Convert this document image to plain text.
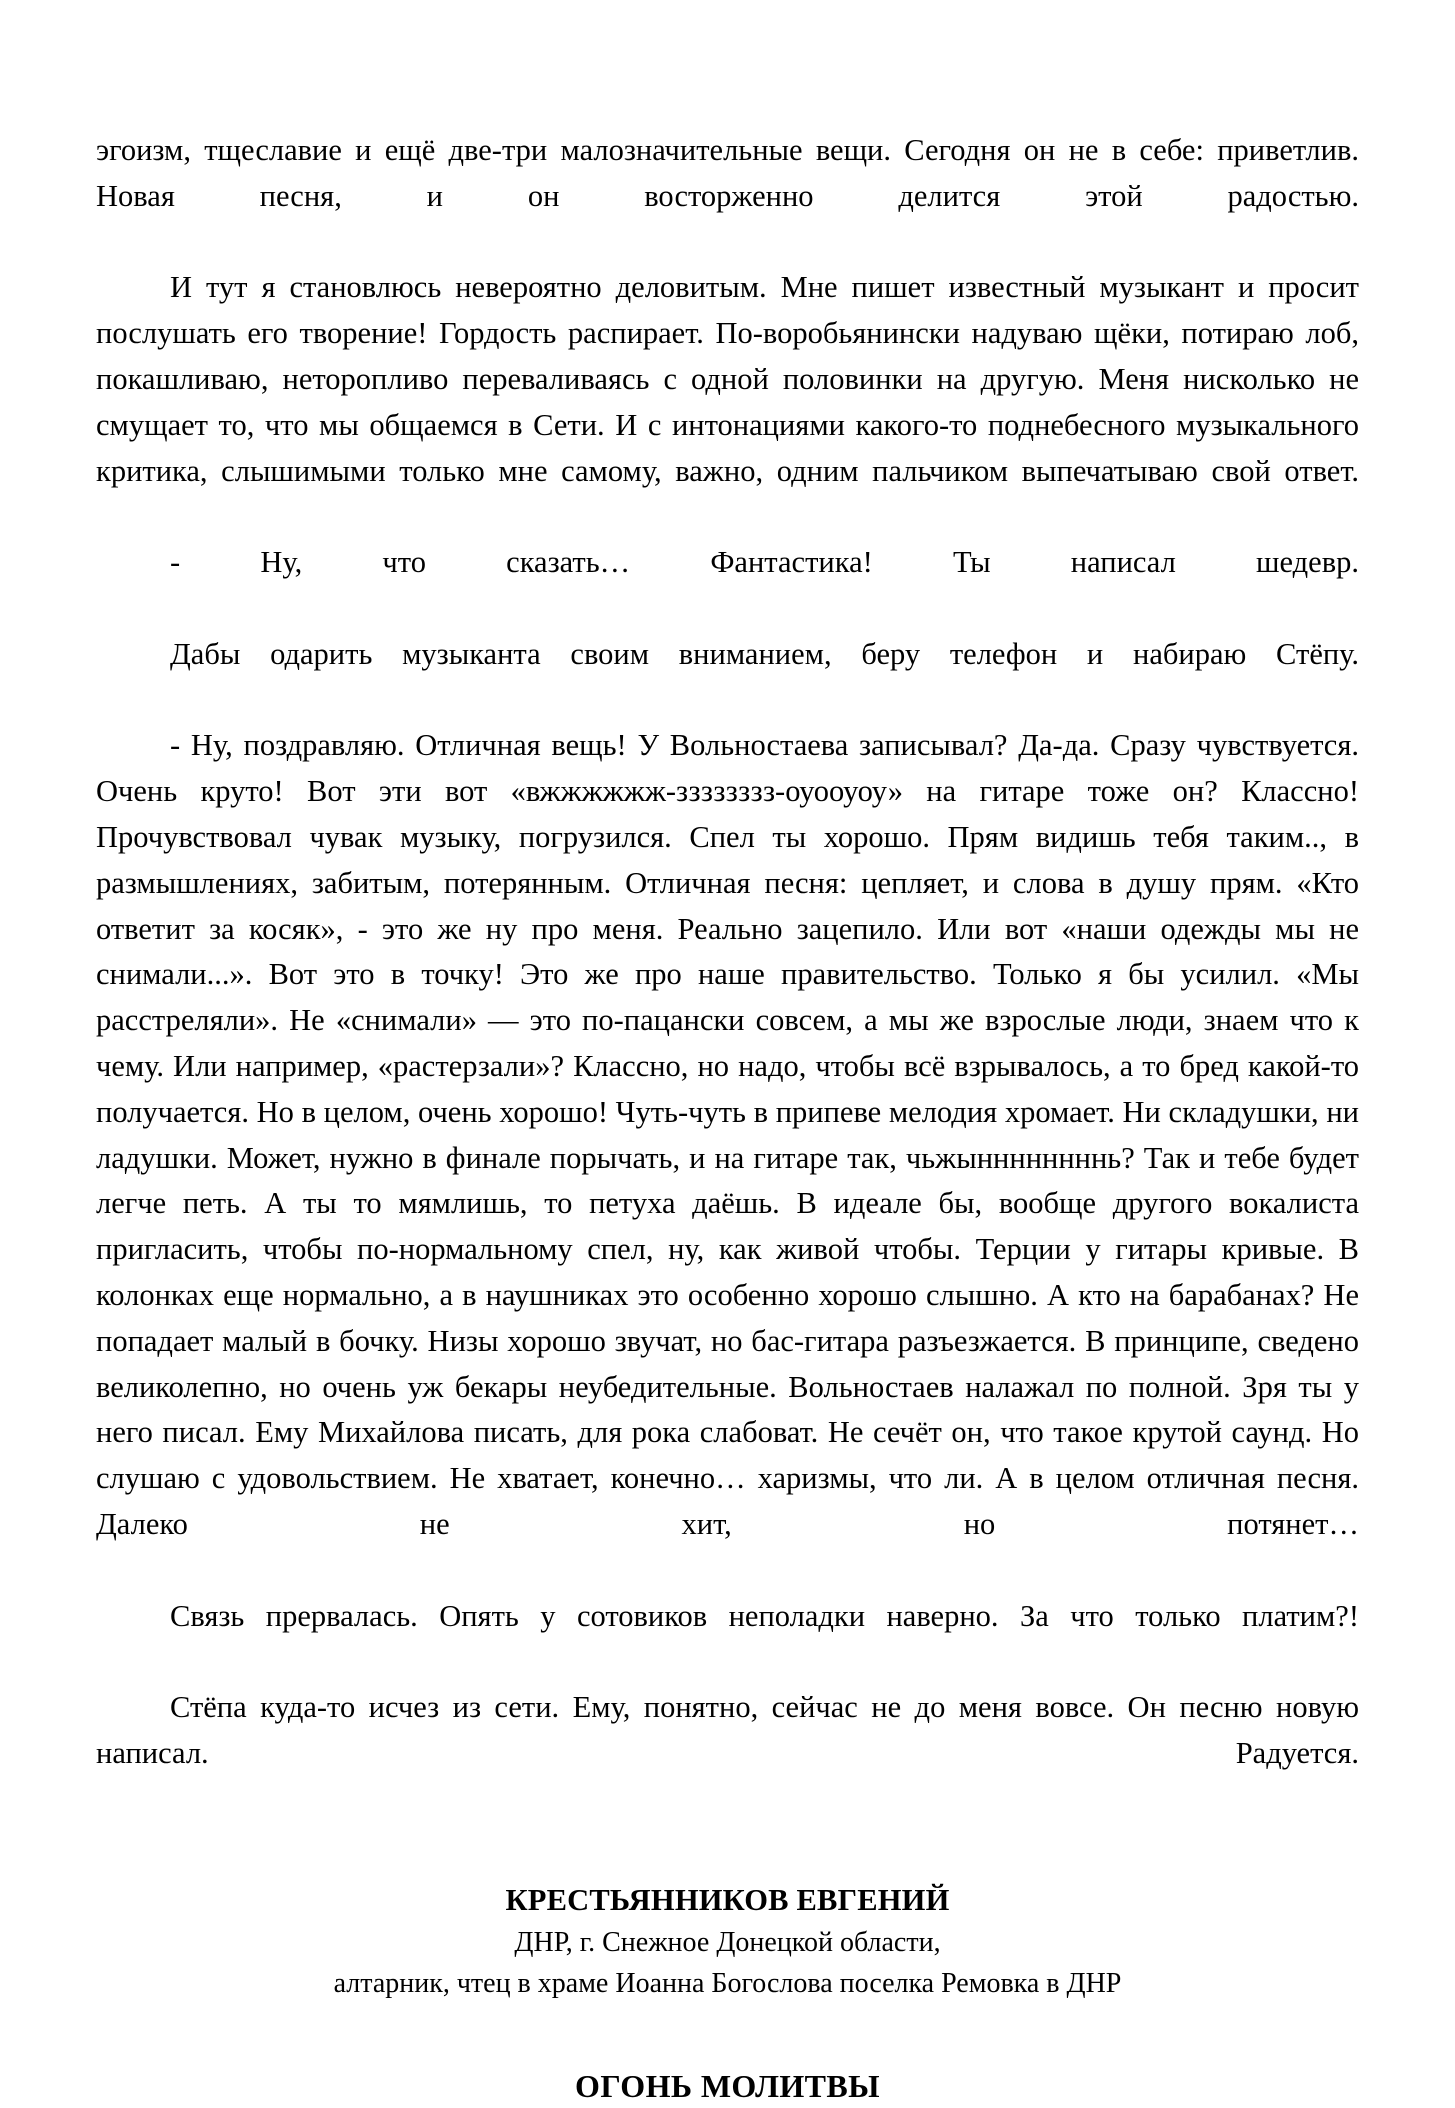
эгоизм, тщеславие и ещё две-три малозначительные вещи. Сегодня он не в себе: приветлив. Новая песня, и он восторженно делится этой радостью.

И тут я становлюсь невероятно деловитым. Мне пишет известный музыкант и просит послушать его творение! Гордость распирает. По-воробьянински надуваю щёки, потираю лоб, покашливаю, неторопливо переваливаясь с одной половинки на другую. Меня нисколько не смущает то, что мы общаемся в Сети. И с интонациями какого-то поднебесного музыкального критика, слышимыми только мне самому, важно, одним пальчиком выпечатываю свой ответ.

- Ну, что сказать… Фантастика! Ты написал шедевр.

Дабы одарить музыканта своим вниманием, беру телефон и набираю Стёпу.

- Ну, поздравляю. Отличная вещь! У Вольностаева записывал? Да-да. Сразу чувствуется. Очень круто! Вот эти вот «вжжжжжж-зззззззз-оуооуоу» на гитаре тоже он? Классно! Прочувствовал чувак музыку, погрузился. Спел ты хорошо. Прям видишь тебя таким.., в размышлениях, забитым, потерянным. Отличная песня: цепляет, и слова в душу прям. «Кто ответит за косяк», - это же ну про меня. Реально зацепило. Или вот «наши одежды мы не снимали...». Вот это в точку! Это же про наше правительство. Только я бы усилил. «Мы расстреляли». Не «снимали» — это по-пацански совсем, а мы же взрослые люди, знаем что к чему. Или например, «растерзали»? Классно, но надо, чтобы всё взрывалось, а то бред какой-то получается. Но в целом, очень хорошо! Чуть-чуть в припеве мелодия хромает. Ни складушки, ни ладушки. Может, нужно в финале порычать, и на гитаре так, чьжыннннннннь? Так и тебе будет легче петь. А ты то мямлишь, то петуха даёшь. В идеале бы, вообще другого вокалиста пригласить, чтобы по-нормальному спел, ну, как живой чтобы. Терции у гитары кривые. В колонках еще нормально, а в наушниках это особенно хорошо слышно. А кто на барабанах? Не попадает малый в бочку. Низы хорошо звучат, но бас-гитара разъезжается. В принципе, сведено великолепно, но очень уж бекары неубедительные. Вольностаев налажал по полной. Зря ты у него писал. Ему Михайлова писать, для рока слабоват. Не сечёт он, что такое крутой саунд. Но слушаю с удовольствием. Не хватает, конечно… харизмы, что ли. А в целом отличная песня. Далеко не хит, но потянет…

Связь прервалась. Опять у сотовиков неполадки наверно. За что только платим?!

Стёпа куда-то исчез из сети. Ему, понятно, сейчас не до меня вовсе. Он песню новую написал. Радуется.

КРЕСТЬЯННИКОВ ЕВГЕНИЙ
ДНР, г. Снежное Донецкой области,
алтарник, чтец в храме Иоанна Богослова поселка Ремовка в ДНР
ОГОНЬ МОЛИТВЫ
